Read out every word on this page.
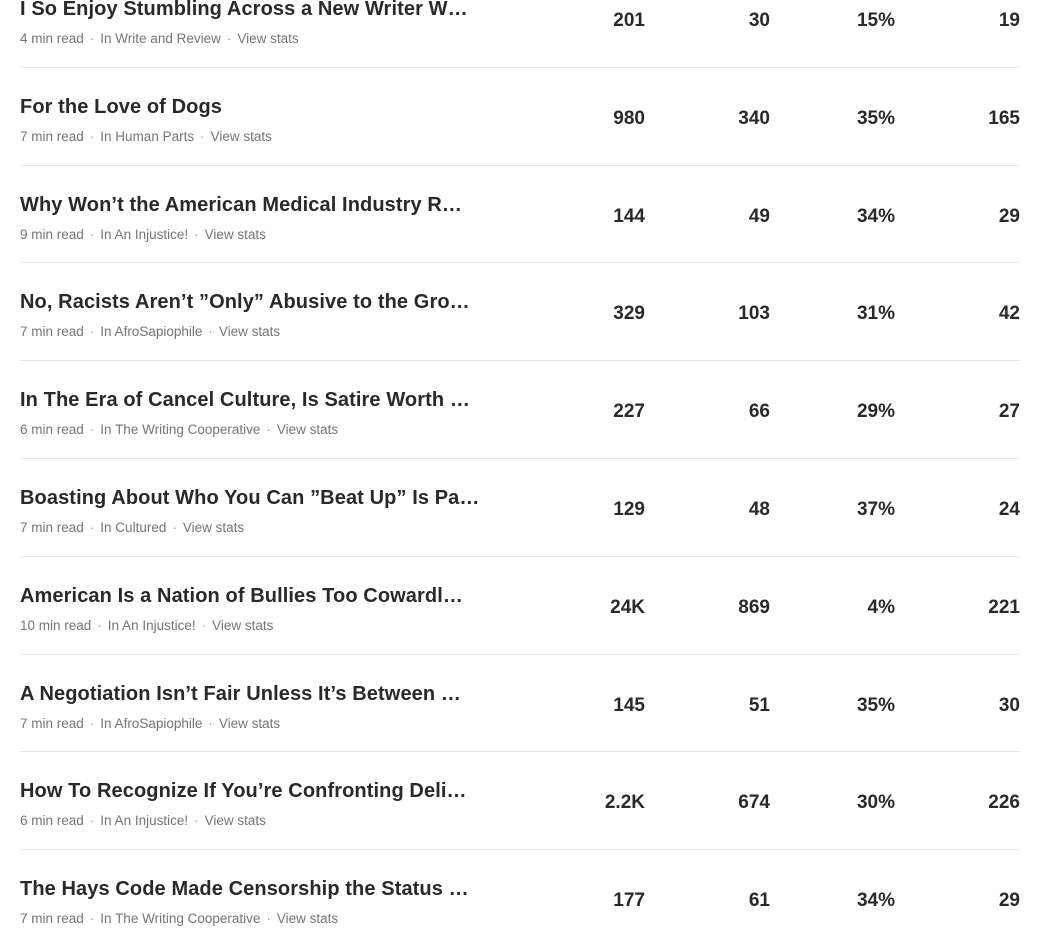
I So Enjoy Stumbling Across a New Writer W…
4 min read · In Write and Review · View stats
201	30	15%	19
For the Love of Dogs
7 min read · In Human Parts · View stats
980	340	35%	165
Why Won’t the American Medical Industry R…
9 min read · In An Injustice! · View stats
144	49	34%	29
No, Racists Aren’t ”Only” Abusive to the Gro…
7 min read · In AfroSapiophile · View stats
329	103	31%	42
In The Era of Cancel Culture, Is Satire Worth …
6 min read · In The Writing Cooperative · View stats
227	66	29%	27
Boasting About Who You Can ”Beat Up” Is Pa…
7 min read · In Cultured · View stats
129	48	37%	24
American Is a Nation of Bullies Too Cowardl…
10 min read · In An Injustice! · View stats
24K	869	4%	221
A Negotiation Isn’t Fair Unless It’s Between …
7 min read · In AfroSapiophile · View stats
145	51	35%	30
How To Recognize If You’re Confronting Deli…
6 min read · In An Injustice! · View stats
2.2K	674	30%	226
The Hays Code Made Censorship the Status …
7 min read · In The Writing Cooperative · View stats
177	61	34%	29
